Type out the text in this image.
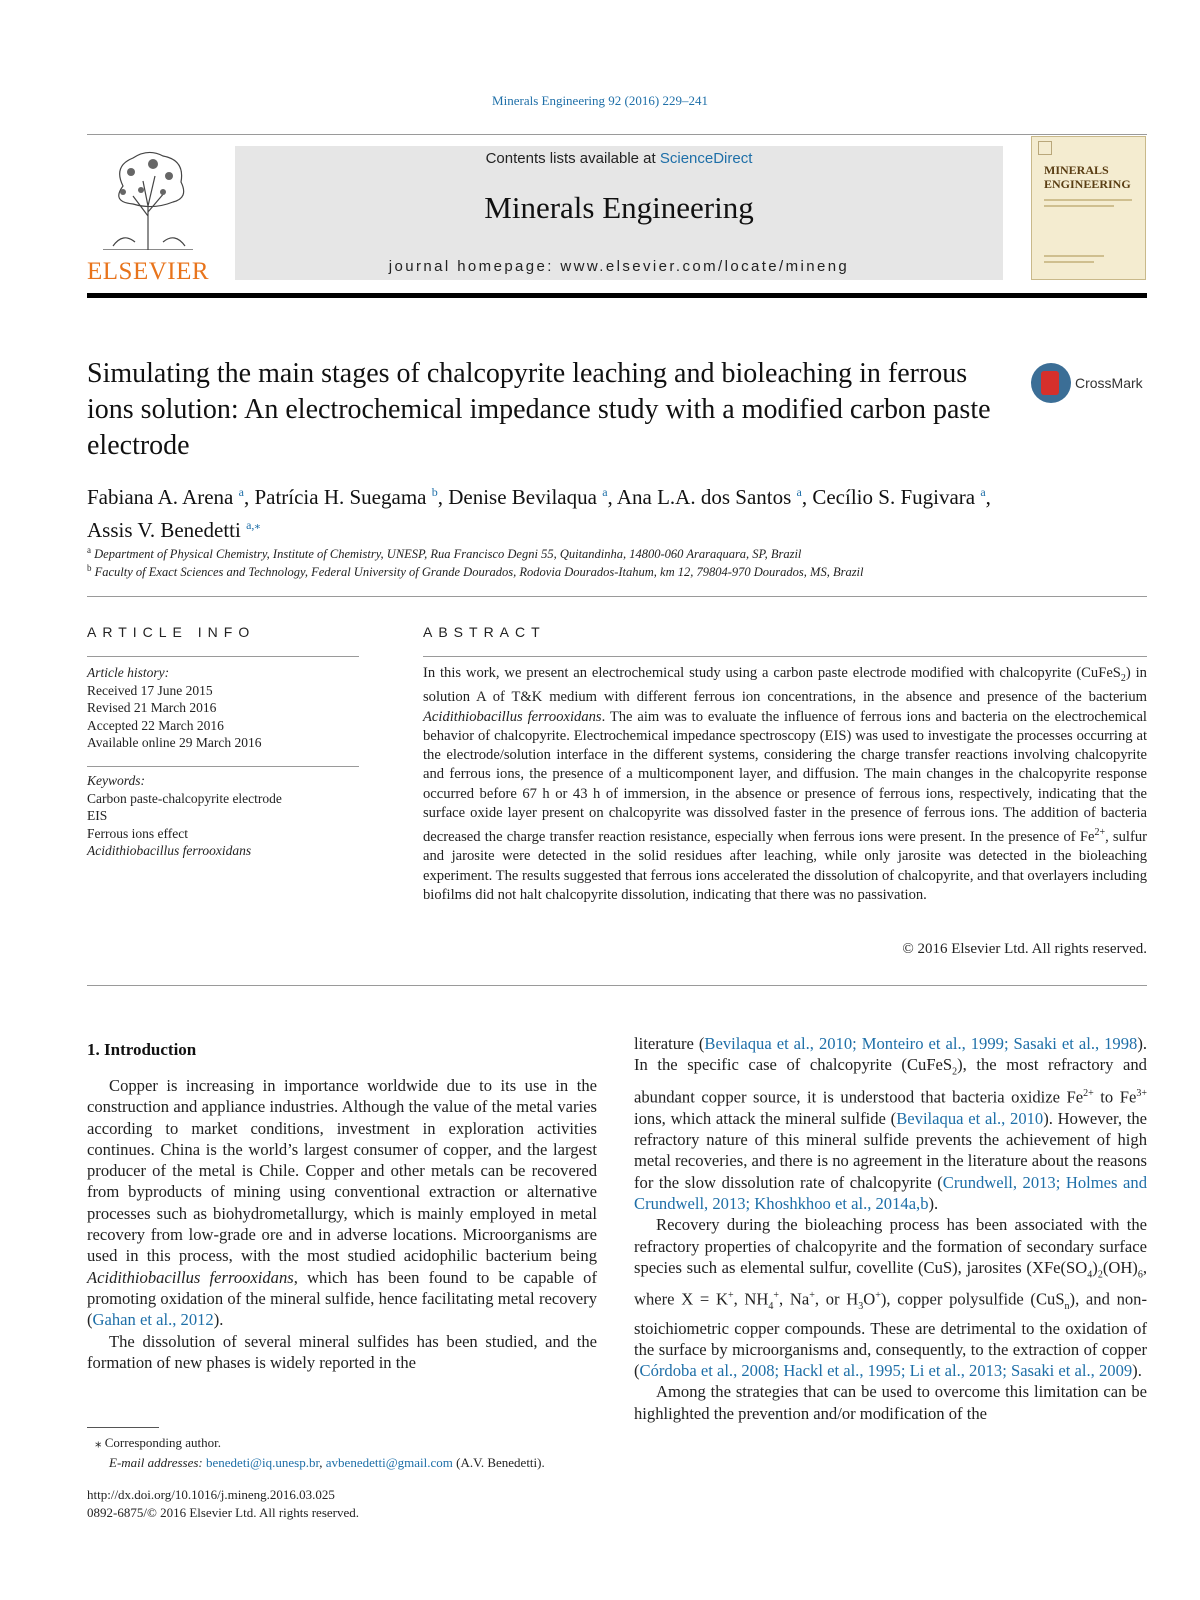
Minerals Engineering 92 (2016) 229–241
ELSEVIER
Contents lists available at ScienceDirect
Minerals Engineering
journal homepage: www.elsevier.com/locate/mineng
MINERALS ENGINEERING
Simulating the main stages of chalcopyrite leaching and bioleaching in ferrous ions solution: An electrochemical impedance study with a modified carbon paste electrode
CrossMark
Fabiana A. Arena $^a$, Patrícia H. Suegama $^b$, Denise Bevilaqua $^a$, Ana L.A. dos Santos $^a$, Cecílio S. Fugivara $^a$,
Assis V. Benedetti $^{a,⁎}$
$^a$ Department of Physical Chemistry, Institute of Chemistry, UNESP, Rua Francisco Degni 55, Quitandinha, 14800-060 Araraquara, SP, Brazil
$^b$ Faculty of Exact Sciences and Technology, Federal University of Grande Dourados, Rodovia Dourados-Itahum, km 12, 79804-970 Dourados, MS, Brazil
ARTICLE INFO
Article history:
Received 17 June 2015
Revised 21 March 2016
Accepted 22 March 2016
Available online 29 March 2016
Keywords:
Carbon paste-chalcopyrite electrode
EIS
Ferrous ions effect
Acidithiobacillus ferrooxidans
ABSTRACT
In this work, we present an electrochemical study using a carbon paste electrode modified with chalcopyrite (CuFeS$_2$) in solution A of T&K medium with different ferrous ion concentrations, in the absence and presence of the bacterium Acidithiobacillus ferrooxidans. The aim was to evaluate the influence of ferrous ions and bacteria on the electrochemical behavior of chalcopyrite. Electrochemical impedance spectroscopy (EIS) was used to investigate the processes occurring at the electrode/solution interface in the different systems, considering the charge transfer reactions involving chalcopyrite and ferrous ions, the presence of a multicomponent layer, and diffusion. The main changes in the chalcopyrite response occurred before 67 h or 43 h of immersion, in the absence or presence of ferrous ions, respectively, indicating that the surface oxide layer present on chalcopyrite was dissolved faster in the presence of ferrous ions. The addition of bacteria decreased the charge transfer reaction resistance, especially when ferrous ions were present. In the presence of $Fe^{2+}$, sulfur and jarosite were detected in the solid residues after leaching, while only jarosite was detected in the bioleaching experiment. The results suggested that ferrous ions accelerated the dissolution of chalcopyrite, and that overlayers including biofilms did not halt chalcopyrite dissolution, indicating that there was no passivation.
© 2016 Elsevier Ltd. All rights reserved.
1. Introduction

Copper is increasing in importance worldwide due to its use in the construction and appliance industries. Although the value of the metal varies according to market conditions, investment in exploration activities continues. China is the world’s largest consumer of copper, and the largest producer of the metal is Chile. Copper and other metals can be recovered from byproducts of mining using conventional extraction or alternative processes such as biohydrometallurgy, which is mainly employed in metal recovery from low-grade ore and in adverse locations. Microorganisms are used in this process, with the most studied acidophilic bacterium being Acidithiobacillus ferrooxidans, which has been found to be capable of promoting oxidation of the mineral sulfide, hence facilitating metal recovery (Gahan et al., 2012).

The dissolution of several mineral sulfides has been studied, and the formation of new phases is widely reported in the

literature (Bevilaqua et al., 2010; Monteiro et al., 1999; Sasaki et al., 1998). In the specific case of chalcopyrite (CuFeS$_2$), the most refractory and abundant copper source, it is understood that bacteria oxidize $Fe^{2+}$ to $Fe^{3+}$ ions, which attack the mineral sulfide (Bevilaqua et al., 2010). However, the refractory nature of this mineral sulfide prevents the achievement of high metal recoveries, and there is no agreement in the literature about the reasons for the slow dissolution rate of chalcopyrite (Crundwell, 2013; Holmes and Crundwell, 2013; Khoshkhoo et al., 2014a,b).

Recovery during the bioleaching process has been associated with the refractory properties of chalcopyrite and the formation of secondary surface species such as elemental sulfur, covellite (CuS), jarosites ($XFe(SO_4)_2(OH)_6$, where X = K+, $NH_4^+$, Na+, or $H_3O^+$), copper polysulfide (CuS$_n$), and non-stoichiometric copper compounds. These are detrimental to the oxidation of the surface by microorganisms and, consequently, to the extraction of copper (Córdoba et al., 2008; Hackl et al., 1995; Li et al., 2013; Sasaki et al., 2009).

Among the strategies that can be used to overcome this limitation can be highlighted the prevention and/or modification of the

⁎ Corresponding author.
E-mail addresses: benedeti@iq.unesp.br, avbenedetti@gmail.com (A.V. Benedetti).
http://dx.doi.org/10.1016/j.mineng.2016.03.025
0892-6875/© 2016 Elsevier Ltd. All rights reserved.
